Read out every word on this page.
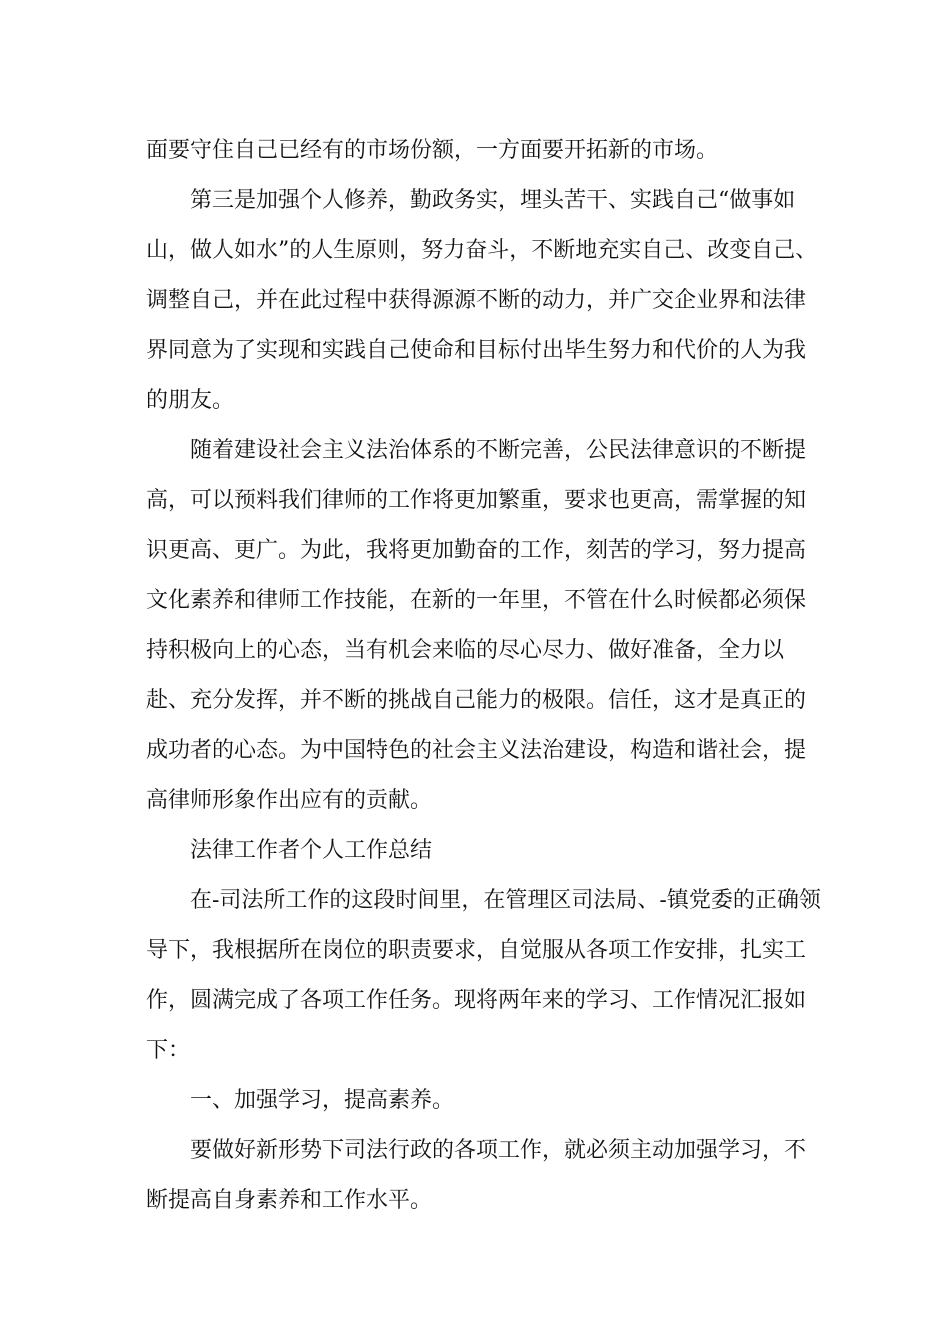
面要守住自己已经有的市场份额，一方面要开拓新的市场。

第三是加强个人修养，勤政务实，埋头苦干、实践自己“做事如山，做人如水”的人生原则，努力奋斗，不断地充实自己、改变自己、调整自己，并在此过程中获得源源不断的动力，并广交企业界和法律界同意为了实现和实践自己使命和目标付出毕生努力和代价的人为我的朋友。

随着建设社会主义法治体系的不断完善，公民法律意识的不断提高，可以预料我们律师的工作将更加繁重，要求也更高，需掌握的知识更高、更广。为此，我将更加勤奋的工作，刻苦的学习，努力提高文化素养和律师工作技能，在新的一年里，不管在什么时候都必须保持积极向上的心态，当有机会来临的尽心尽力、做好准备，全力以赴、充分发挥，并不断的挑战自己能力的极限。信任，这才是真正的成功者的心态。为中国特色的社会主义法治建设，构造和谐社会，提高律师形象作出应有的贡献。

法律工作者个人工作总结

在-司法所工作的这段时间里，在管理区司法局、-镇党委的正确领导下，我根据所在岗位的职责要求，自觉服从各项工作安排，扎实工作，圆满完成了各项工作任务。现将两年来的学习、工作情况汇报如下：

一、加强学习，提高素养。

要做好新形势下司法行政的各项工作，就必须主动加强学习，不断提高自身素养和工作水平。
